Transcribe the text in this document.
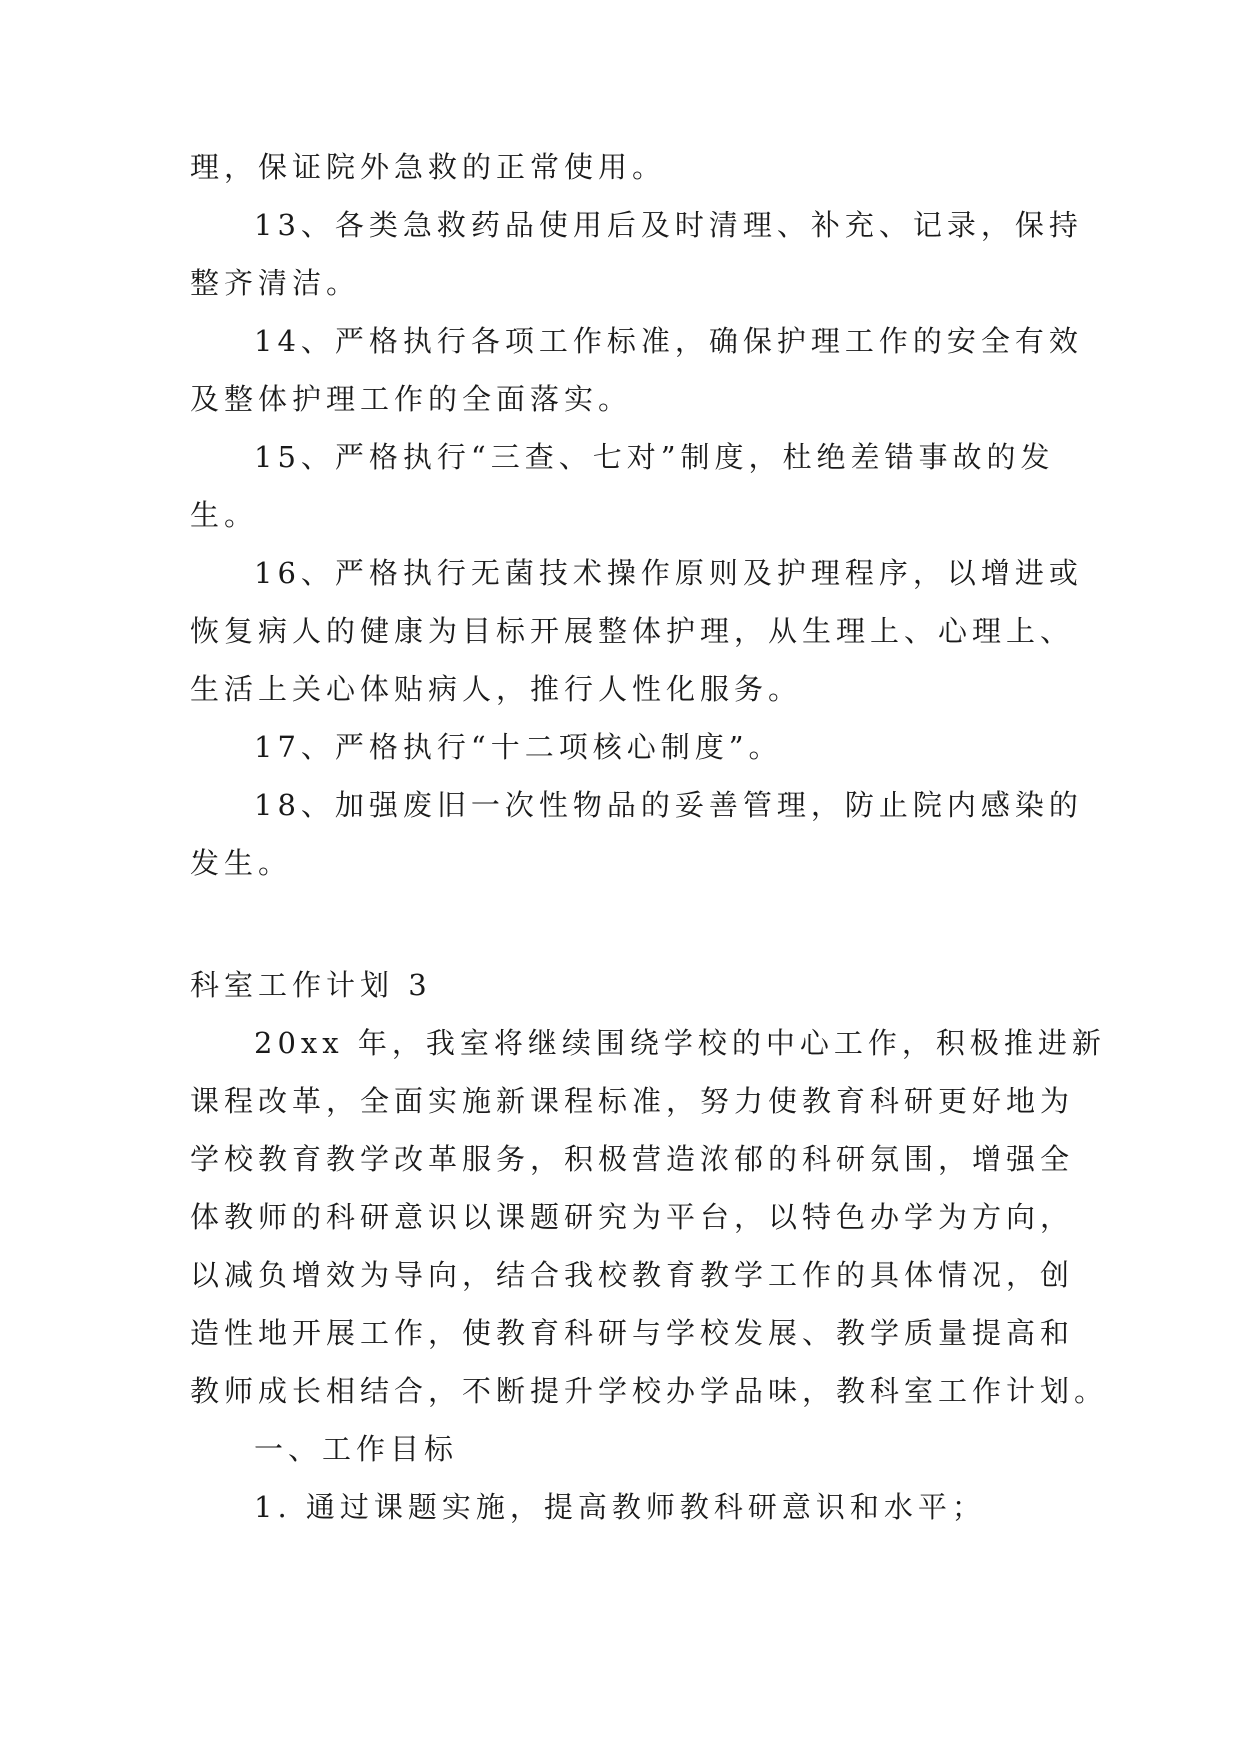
理，保证院外急救的正常使用。
13、各类急救药品使用后及时清理、补充、记录，保持
整齐清洁。
14、严格执行各项工作标准，确保护理工作的安全有效
及整体护理工作的全面落实。
15、严格执行“三查、七对”制度，杜绝差错事故的发
生。
16、严格执行无菌技术操作原则及护理程序，以增进或
恢复病人的健康为目标开展整体护理，从生理上、心理上、
生活上关心体贴病人，推行人性化服务。
17、严格执行“十二项核心制度”。
18、加强废旧一次性物品的妥善管理，防止院内感染的
发生。
科室工作计划 3
20xx 年，我室将继续围绕学校的中心工作，积极推进新
课程改革，全面实施新课程标准，努力使教育科研更好地为
学校教育教学改革服务，积极营造浓郁的科研氛围，增强全
体教师的科研意识以课题研究为平台，以特色办学为方向，
以减负增效为导向，结合我校教育教学工作的具体情况，创
造性地开展工作，使教育科研与学校发展、教学质量提高和
教师成长相结合，不断提升学校办学品味，教科室工作计划。
一、工作目标
1. 通过课题实施，提高教师教科研意识和水平；
